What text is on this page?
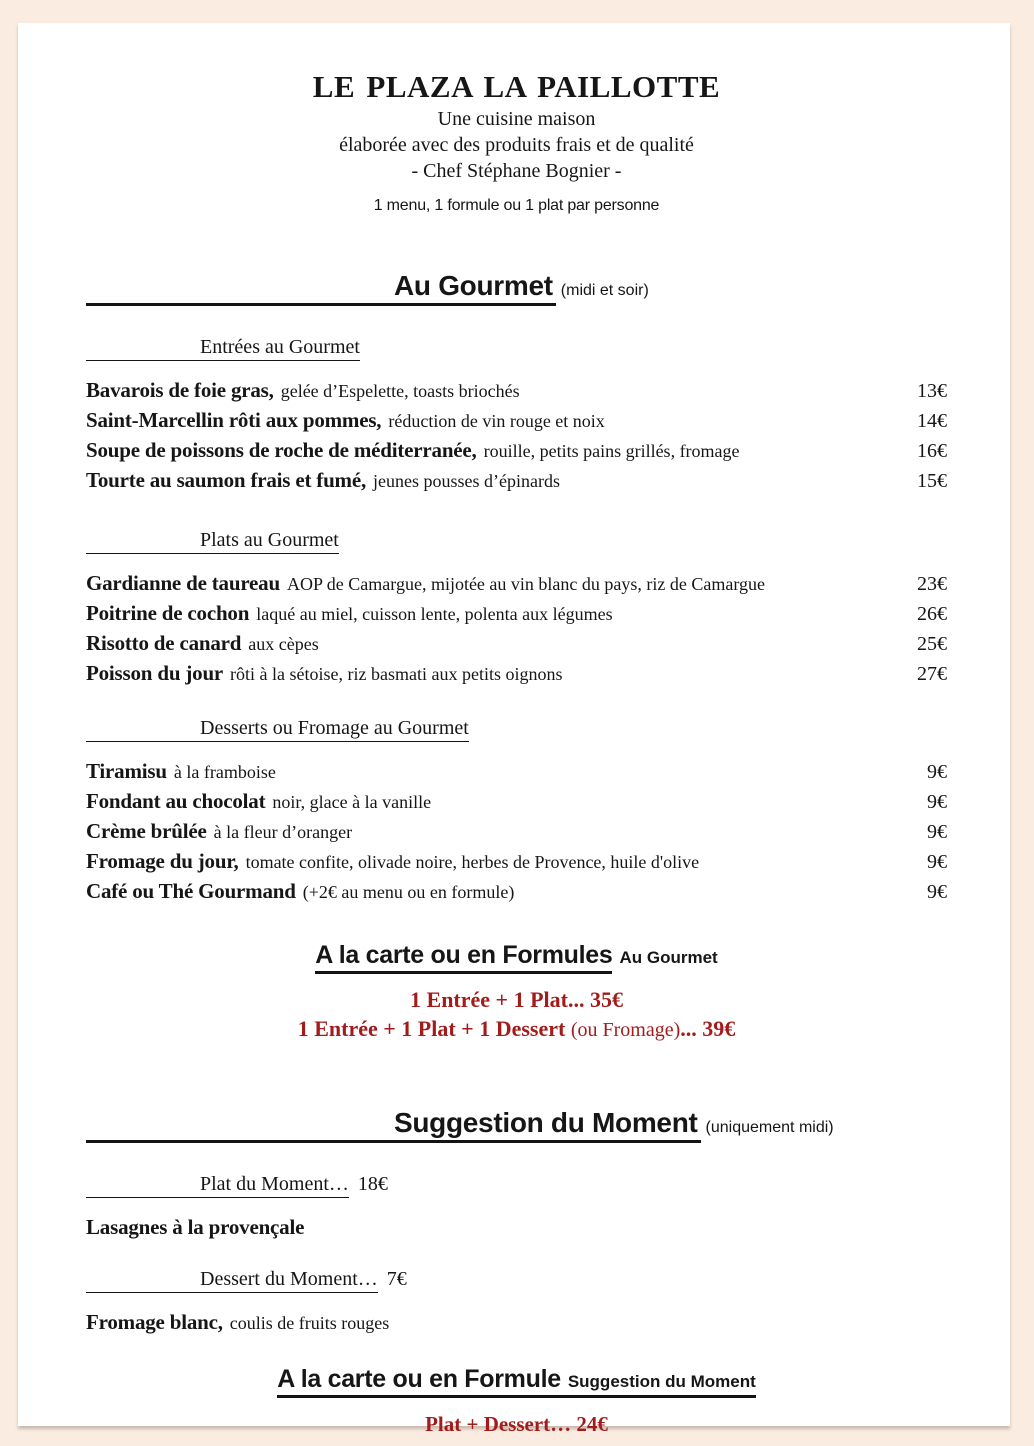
LE PLAZA LA PAILLOTTE
Une cuisine maison
élaborée avec des produits frais et de qualité
- Chef Stéphane Bognier -
1 menu, 1 formule ou 1 plat par personne
Au Gourmet (midi et soir)
Entrées au Gourmet
Bavarois de foie gras, gelée d’Espelette, toasts briochés	13€
Saint-Marcellin rôti aux pommes, réduction de vin rouge et noix	14€
Soupe de poissons de roche de méditerranée, rouille, petits pains grillés, fromage	16€
Tourte au saumon frais et fumé, jeunes pousses d’épinards	15€
Plats au Gourmet
Gardianne de taureau AOP de Camargue, mijotée au vin blanc du pays, riz de Camargue	23€
Poitrine de cochon laqué au miel, cuisson lente, polenta aux légumes	26€
Risotto de canard aux cèpes	25€
Poisson du jour rôti à la sétoise, riz basmati aux petits oignons	27€
Desserts ou Fromage au Gourmet
Tiramisu à la framboise	9€
Fondant au chocolat noir, glace à la vanille	9€
Crème brûlée à la fleur d’oranger	9€
Fromage du jour, tomate confite, olivade noire, herbes de Provence, huile d'olive	9€
Café ou Thé Gourmand (+2€ au menu ou en formule)	9€
A la carte ou en Formules Au Gourmet
1 Entrée + 1 Plat... 35€
1 Entrée + 1 Plat + 1 Dessert (ou Fromage)... 39€
Suggestion du Moment (uniquement midi)
Plat du Moment… 18€
Lasagnes à la provençale
Dessert du Moment… 7€
Fromage blanc, coulis de fruits rouges
A la carte ou en Formule Suggestion du Moment
Plat + Dessert… 24€
